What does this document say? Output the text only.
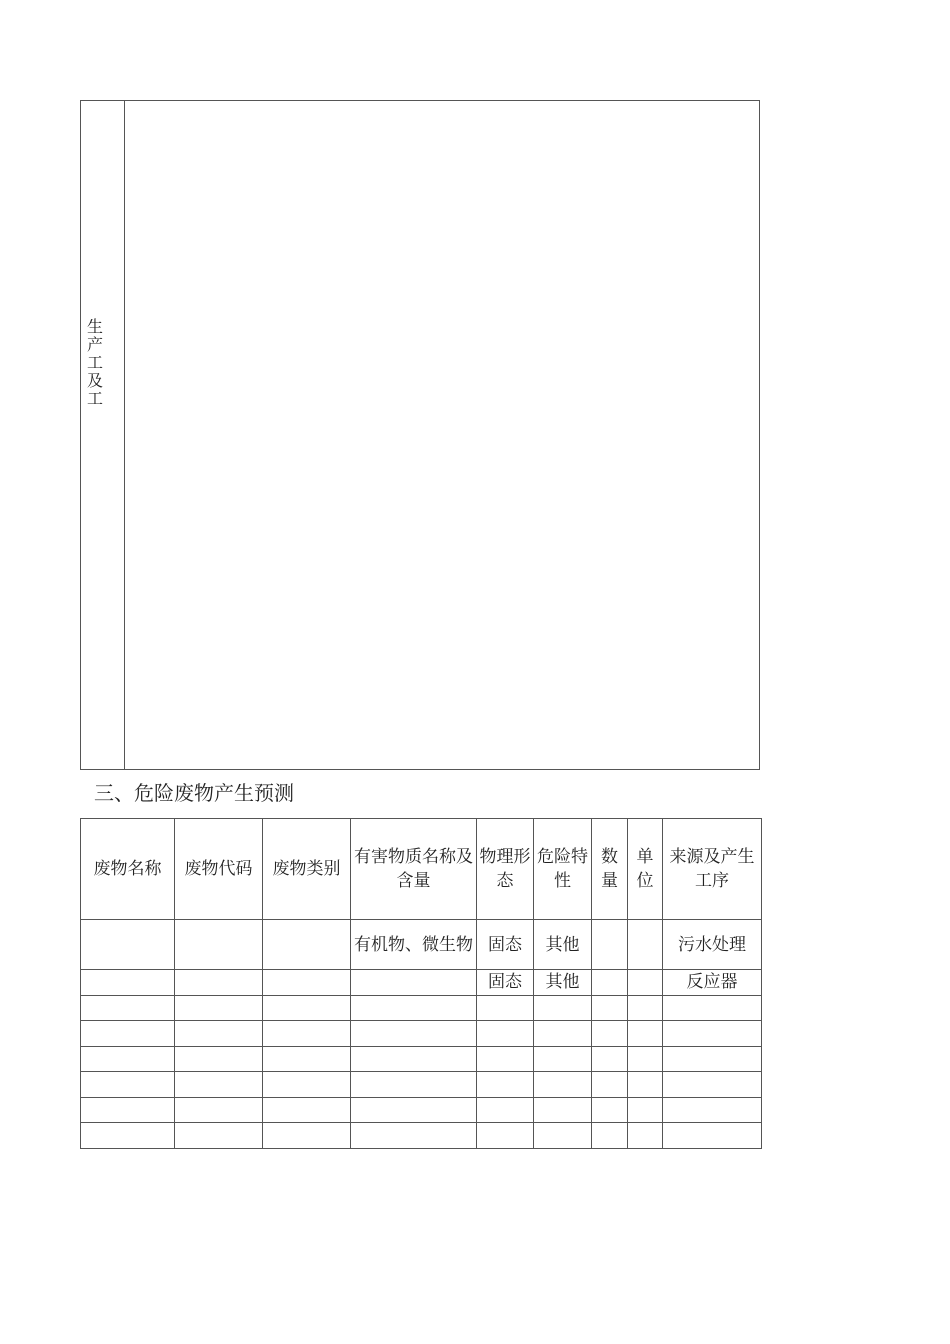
生产工及工
三、危险废物产生预测
废物名称	废物代码	废物类别	有害物质名称及含量	物理形态	危险特性	数量	单位	来源及产生工序
			有机物、微生物	固态	其他			污水处理
				固态	其他			反应器
